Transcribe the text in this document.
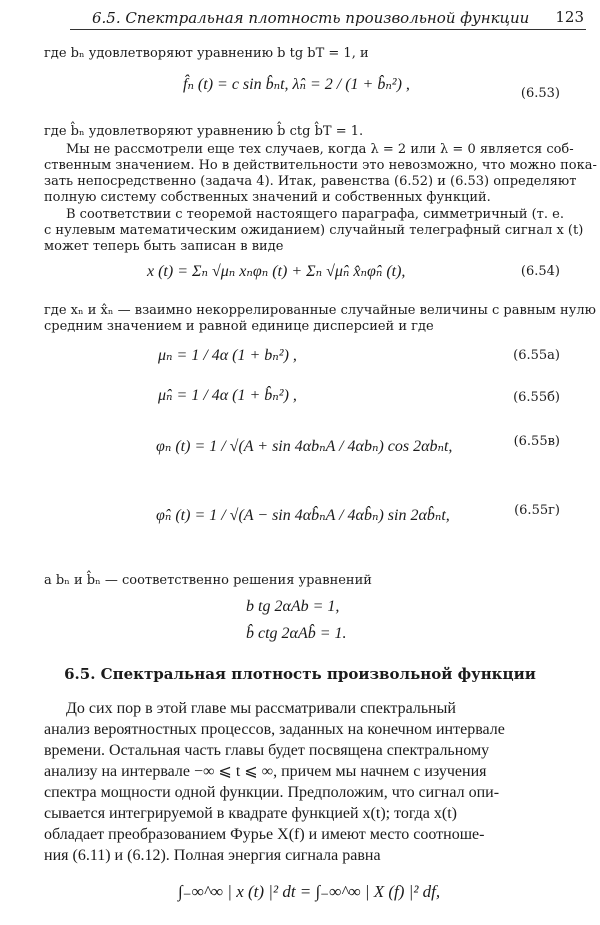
6.5. Спектральная плотность произвольной функции 123
где bₙ удовлетворяют уравнению b tg bT = 1, и
f̂ₙ (t) = c sin b̂ₙt, λ̂ₙ = 2 / (1 + b̂ₙ²) ,
(6.53)
где b̂ₙ удовлетворяют уравнению b̂ ctg b̂T = 1.
Мы не рассмотрели еще тех случаев, когда λ = 2 или λ = 0 является соб-
ственным значением. Но в действительности это невозможно, что можно пока-
зать непосредственно (задача 4). Итак, равенства (6.52) и (6.53) определяют
полную систему собственных значений и собственных функций.
В соответствии с теоремой настоящего параграфа, симметричный (т. е.
с нулевым математическим ожиданием) случайный телеграфный сигнал x (t)
может теперь быть записан в виде
x (t) = Σₙ √μₙ xₙφₙ (t) + Σₙ √μ̂ₙ x̂ₙφ̂ₙ (t),	(6.54)
где xₙ и x̂ₙ — взаимно некоррелированные случайные величины с равным нулю
средним значением и равной единице дисперсией и где
μₙ = 1 / 4α (1 + bₙ²) ,	(6.55а)
μ̂ₙ = 1 / 4α (1 + b̂ₙ²) ,	(6.55б)
φₙ (t) = 1 / √(A + sin 4αbₙA / 4αbₙ) cos 2αbₙt,	(6.55в)
φ̂ₙ (t) = 1 / √(A − sin 4αb̂ₙA / 4αb̂ₙ) sin 2αb̂ₙt,	(6.55г)
а bₙ и b̂ₙ — соответственно решения уравнений
b tg 2αAb = 1,
b̂ ctg 2αAb̂ = 1.
6.5. Спектральная плотность произвольной функции
До сих пор в этой главе мы рассматривали спектральный
анализ вероятностных процессов, заданных на конечном интервале
времени. Остальная часть главы будет посвящена спектральному
анализу на интервале −∞ ⩽ t ⩽ ∞, причем мы начнем с изучения
спектра мощности одной функции. Предположим, что сигнал опи-
сывается интегрируемой в квадрате функцией x(t); тогда x(t)
обладает преобразованием Фурье X(f) и имеют место соотноше-
ния (6.11) и (6.12). Полная энергия сигнала равна
∫₋∞^∞ | x (t) |² dt = ∫₋∞^∞ | X (f) |² df,
